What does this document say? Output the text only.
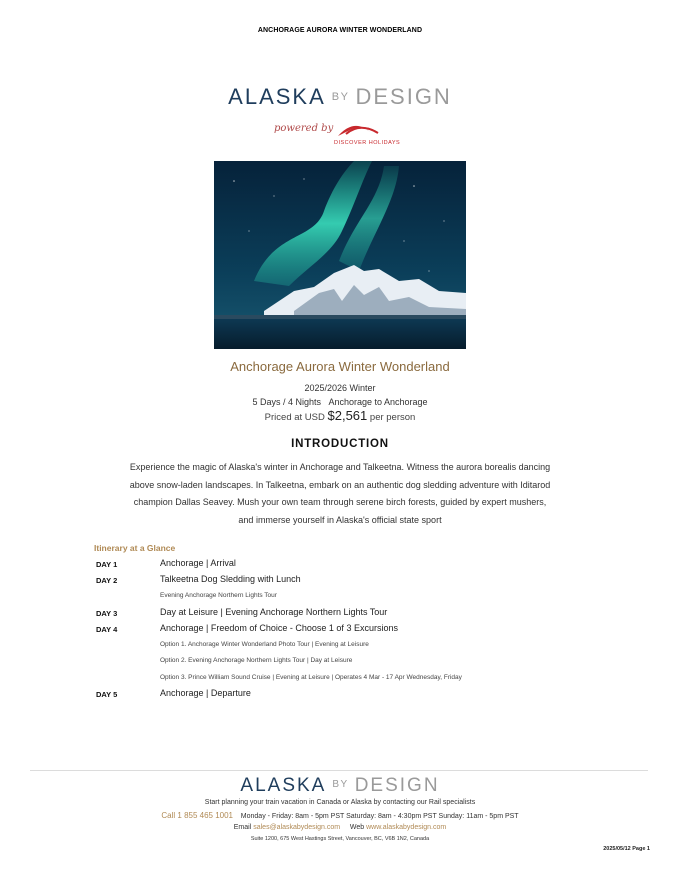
ANCHORAGE AURORA WINTER WONDERLAND
ALASKA BY DESIGN
powered by
DISCOVER HOLIDAYS
Anchorage Aurora Winter Wonderland
2025/2026 Winter
5 Days / 4 Nights Anchorage to Anchorage
Priced at USD $2,561 per person
INTRODUCTION
Experience the magic of Alaska's winter in Anchorage and Talkeetna. Witness the aurora borealis dancing
above snow-laden landscapes. In Talkeetna, embark on an authentic dog sledding adventure with Iditarod
champion Dallas Seavey. Mush your own team through serene birch forests, guided by expert mushers,
and immerse yourself in Alaska's official state sport
Itinerary at a Glance
DAY 1	Anchorage | Arrival
DAY 2	Talkeetna Dog Sledding with Lunch
Evening Anchorage Northern Lights Tour
DAY 3	Day at Leisure | Evening Anchorage Northern Lights Tour
DAY 4	Anchorage | Freedom of Choice - Choose 1 of 3 Excursions
Option 1. Anchorage Winter Wonderland Photo Tour | Evening at Leisure
Option 2. Evening Anchorage Northern Lights Tour | Day at Leisure
Option 3. Prince William Sound Cruise | Evening at Leisure | Operates 4 Mar - 17 Apr Wednesday, Friday
DAY 5	Anchorage | Departure
ALASKA $^{BY}$ DESIGN
Start planning your train vacation in Canada or Alaska by contacting our Rail specialists
Call 1 855 465 1001 Monday - Friday: 8am - 5pm PST Saturday: 8am - 4:30pm PST Sunday: 11am - 5pm PST
Email sales@alaskabydesign.com Web www.alaskabydesign.com
Suite 1200, 675 West Hastings Street, Vancouver, BC, V6B 1N2, Canada
2025/05/12 Page 1
